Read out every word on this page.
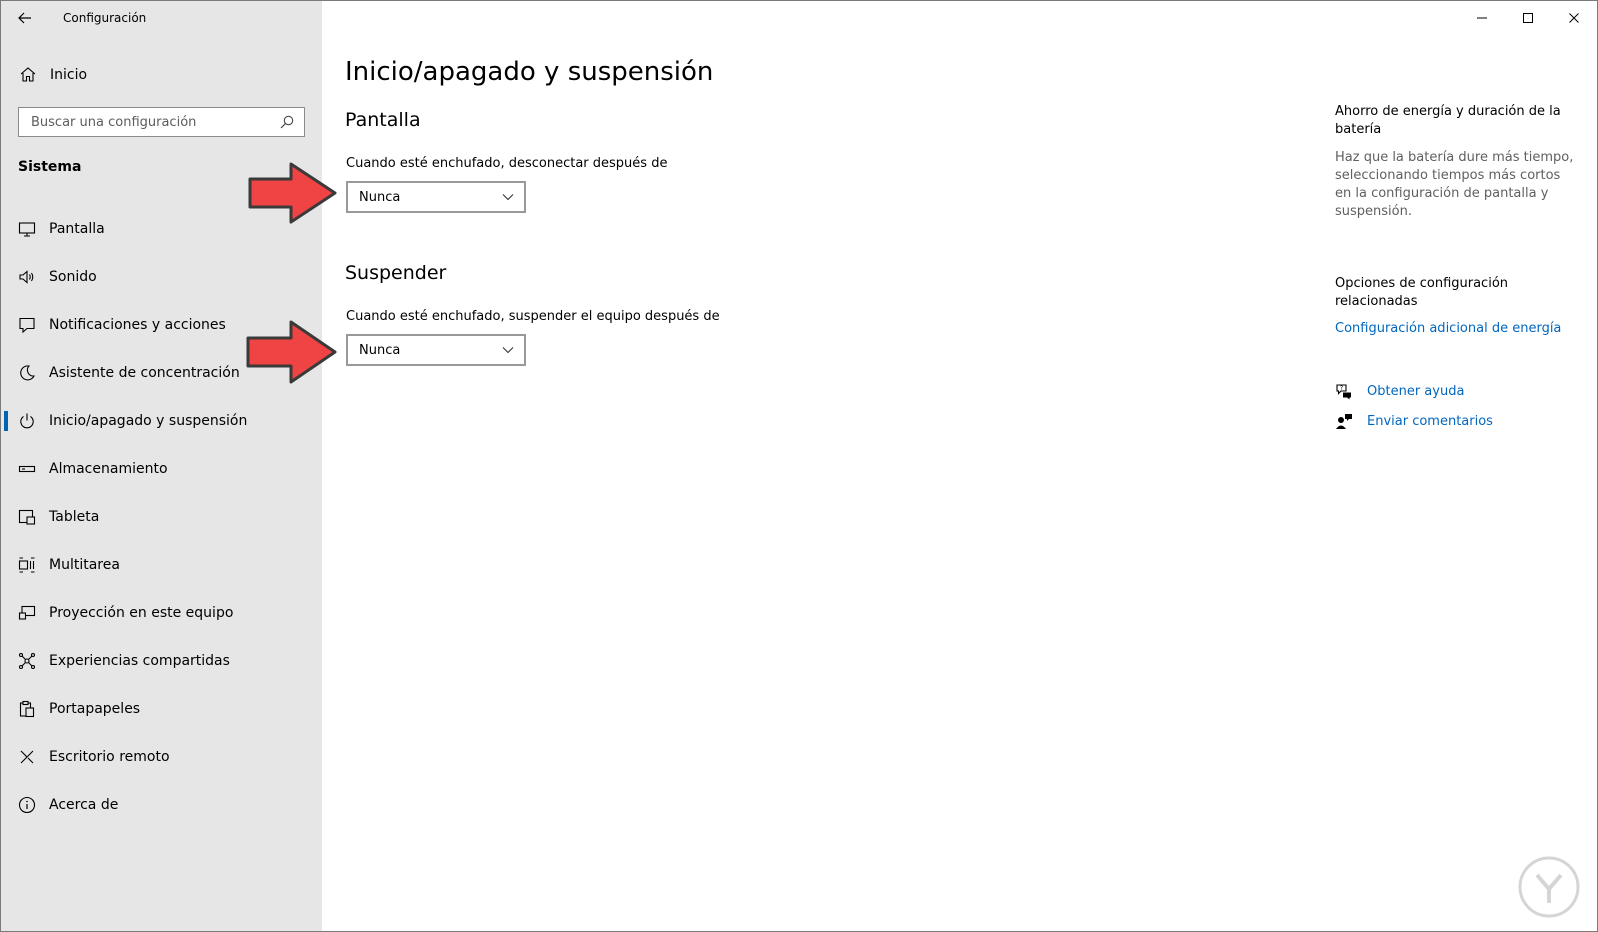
Configuración
Inicio
Buscar una configuración
Sistema
Pantalla
Sonido
Notificaciones y acciones
Asistente de concentración
Inicio/apagado y suspensión
Almacenamiento
Tableta
Multitarea
Proyección en este equipo
Experiencias compartidas
Portapapeles
Escritorio remoto
Acerca de
Inicio/apagado y suspensión
Pantalla
Cuando esté enchufado, desconectar después de
Nunca
Suspender
Cuando esté enchufado, suspender el equipo después de
Nunca
Ahorro de energía y duración de la batería
Haz que la batería dure más tiempo, seleccionando tiempos más cortos en la configuración de pantalla y suspensión.
Opciones de configuración relacionadas
Configuración adicional de energía
? Obtener ayuda
Enviar comentarios
